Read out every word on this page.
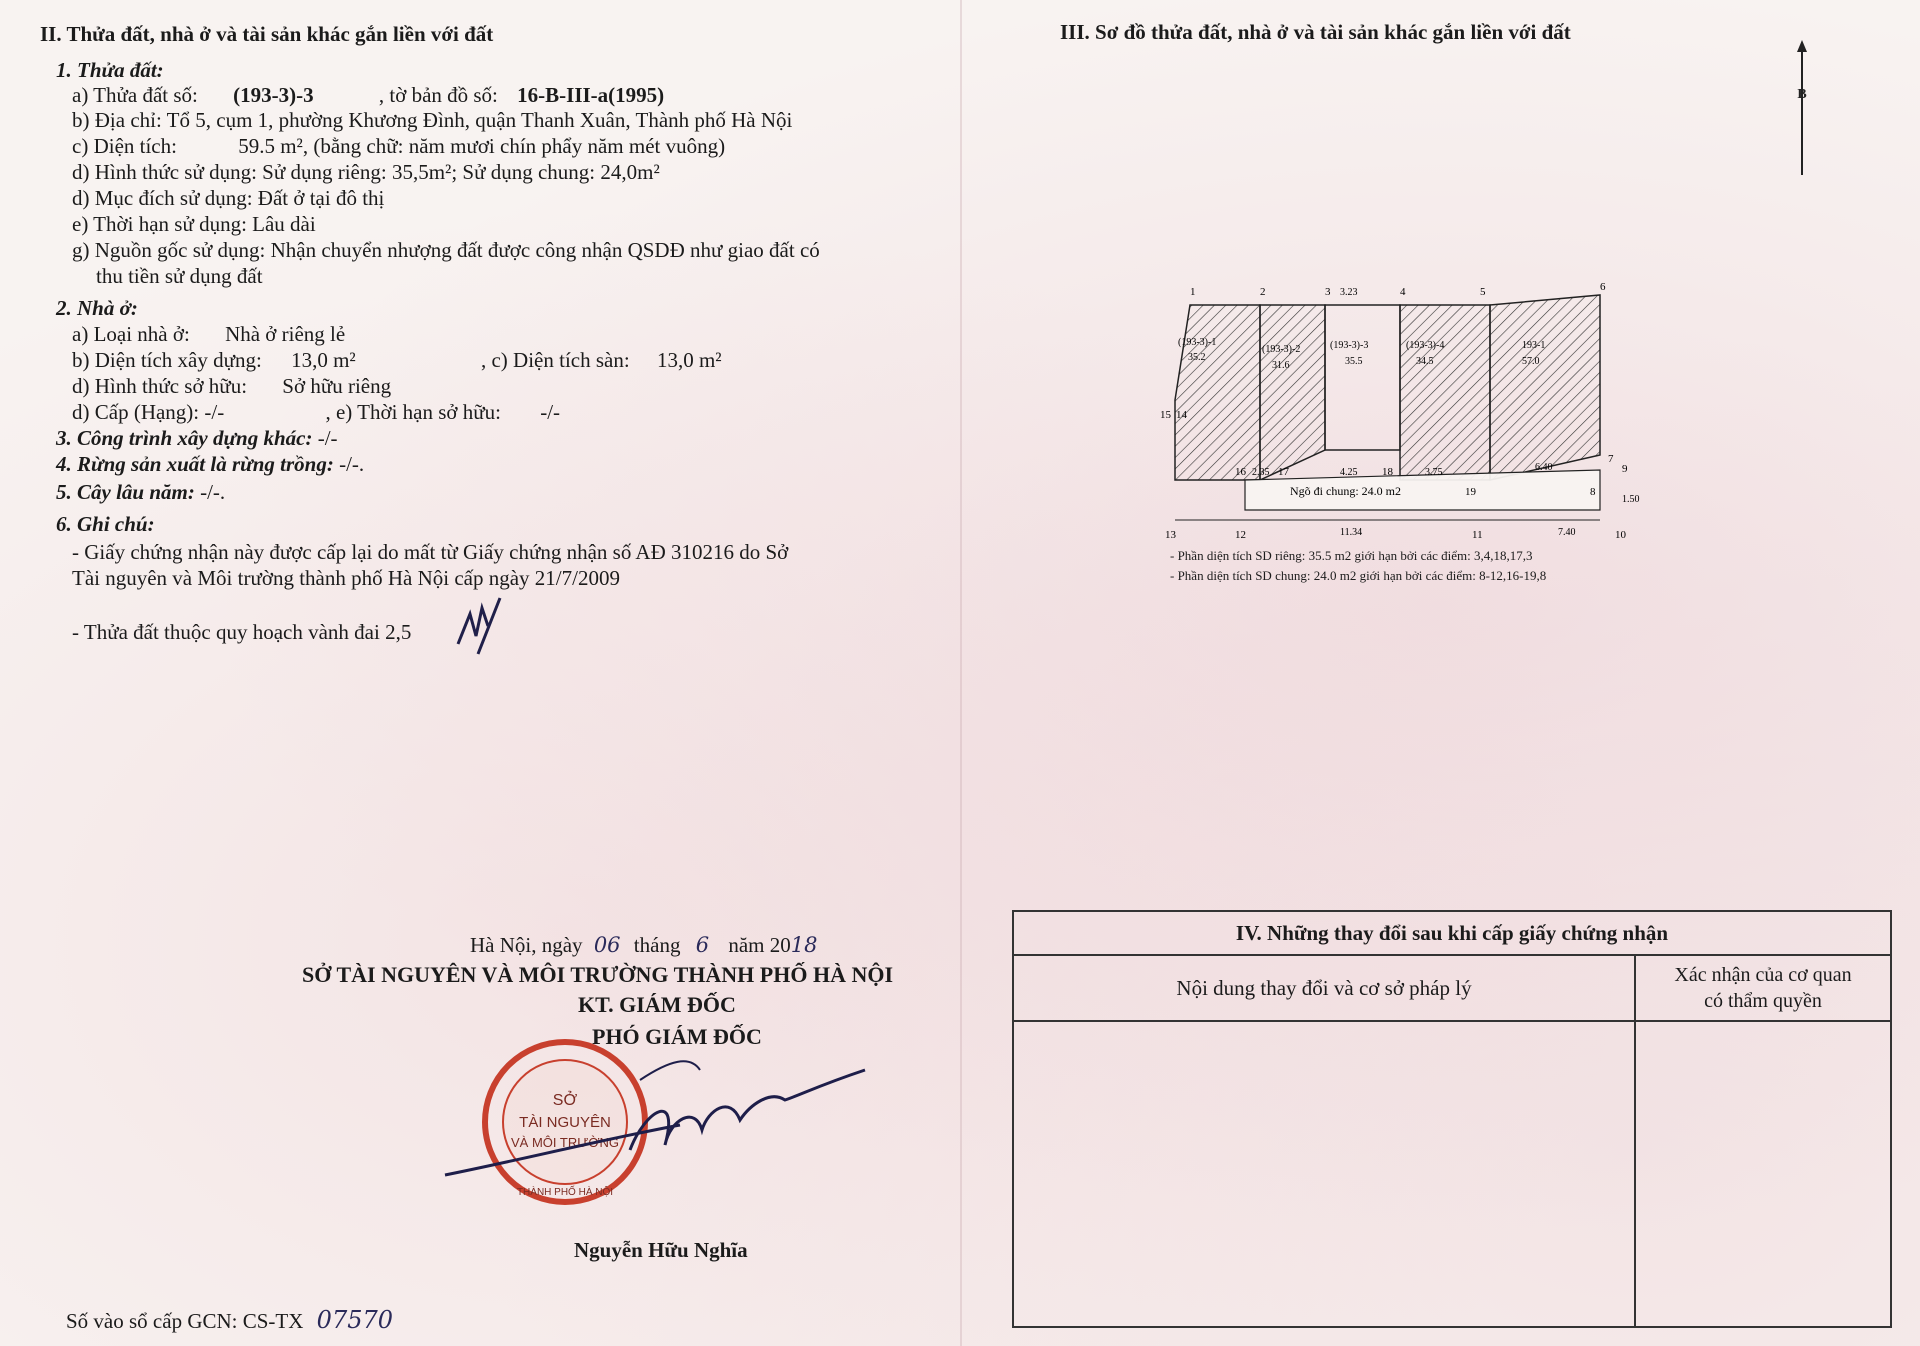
II. Thửa đất, nhà ở và tài sản khác gắn liền với đất
1. Thửa đất:
a) Thửa đất số: (193-3)-3	, tờ bản đồ số: 16-B-III-a(1995)
b) Địa chỉ: Tổ 5, cụm 1, phường Khương Đình, quận Thanh Xuân, Thành phố Hà Nội
c) Diện tích:	59.5 m², (bằng chữ: năm mươi chín phẩy năm mét vuông)
d) Hình thức sử dụng: Sử dụng riêng: 35,5m²; Sử dụng chung: 24,0m²
d) Mục đích sử dụng: Đất ở tại đô thị
e) Thời hạn sử dụng: Lâu dài
g) Nguồn gốc sử dụng: Nhận chuyển nhượng đất được công nhận QSDĐ như giao đất có
thu tiền sử dụng đất
2. Nhà ở:
a) Loại nhà ở: Nhà ở riêng lẻ
b) Diện tích xây dựng: 13,0 m²	, c) Diện tích sàn: 13,0 m²
d) Hình thức sở hữu: Sở hữu riêng
d) Cấp (Hạng): -/-	, e) Thời hạn sở hữu: -/-
3. Công trình xây dựng khác: -/-
4. Rừng sản xuất là rừng trồng: -/-.
5. Cây lâu năm: -/-.
6. Ghi chú:
- Giấy chứng nhận này được cấp lại do mất từ Giấy chứng nhận số AĐ 310216 do Sở
Tài nguyên và Môi trường thành phố Hà Nội cấp ngày 21/7/2009
- Thửa đất thuộc quy hoạch vành đai 2,5
Hà Nội, ngày 06 tháng 6 năm 2018
SỞ TÀI NGUYÊN VÀ MÔI TRƯỜNG THÀNH PHỐ HÀ NỘI
KT. GIÁM ĐỐC
PHÓ GIÁM ĐỐC
SỞ
TÀI NGUYÊN
VÀ MÔI TRƯỜNG
THÀNH PHỐ HÀ NỘI
Nguyễn Hữu Nghĩa
Số vào sổ cấp GCN: CS-TX 07570
III. Sơ đồ thửa đất, nhà ở và tài sản khác gắn liền với đất
B
1	2	3 3.23	4	5	6
(193-3)-1
35.2
(193-3)-2
31.6
(193-3)-3
35.5
(193-3)-4
34.5
193-1
57.0
15 14
16 2.35 17	4.25 18	3.75	6.40
7
9
Ngõ đi chung: 24.0 m2	19	8
1.50
13	12	11.34	11	7.40	10
- Phần diện tích SD riêng: 35.5 m2 giới hạn bởi các điểm: 3,4,18,17,3
- Phần diện tích SD chung: 24.0 m2 giới hạn bởi các điểm: 8-12,16-19,8
IV. Những thay đổi sau khi cấp giấy chứng nhận
Nội dung thay đổi và cơ sở pháp lý
Xác nhận của cơ quan
có thẩm quyền
